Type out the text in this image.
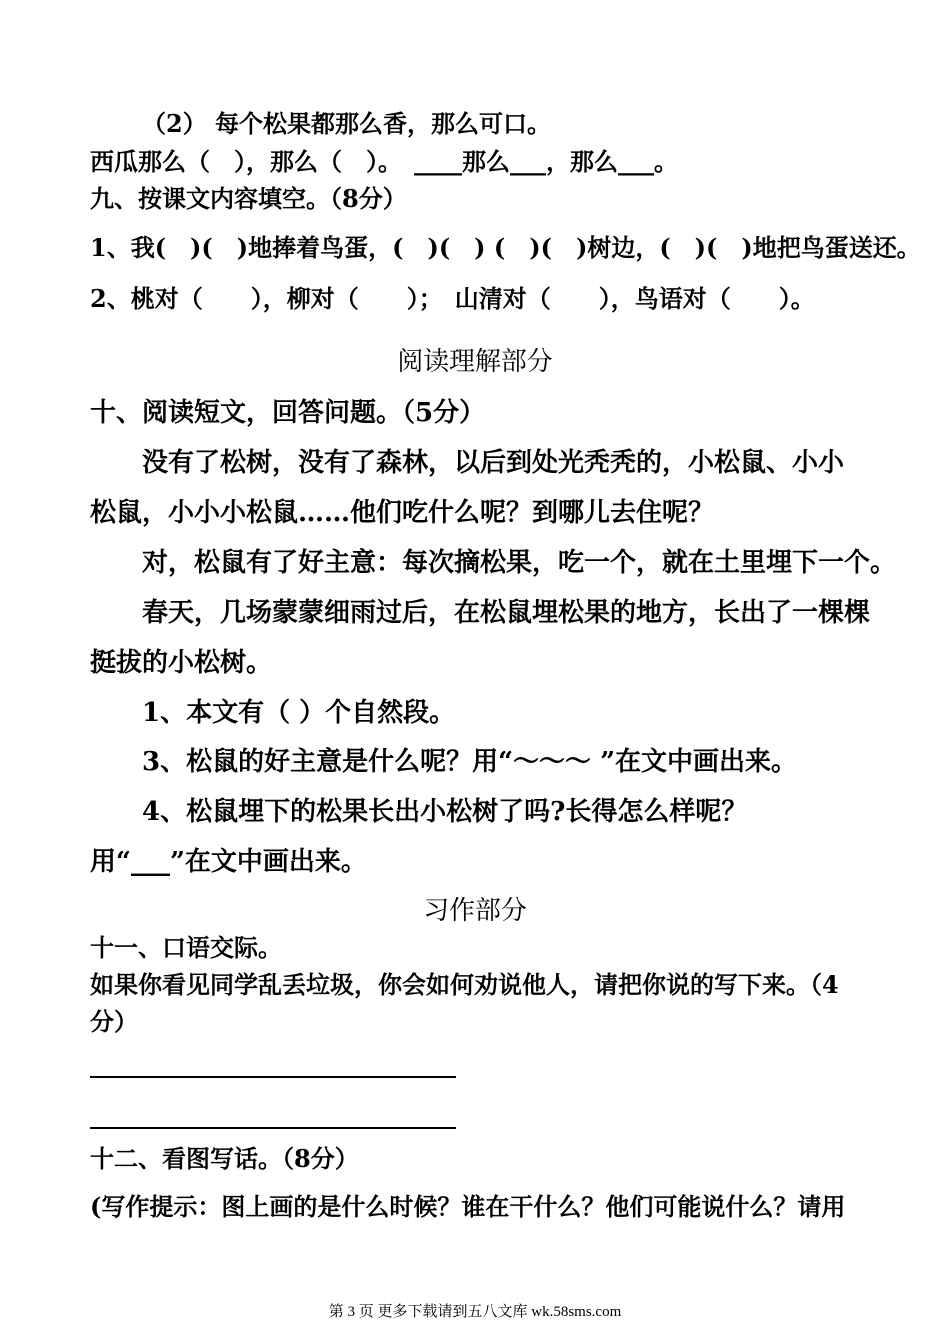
（2） 每个松果都那么香，那么可口。
西瓜那么（　），那么（　）。　____那么___，那么___。
九、按课文内容填空。（8分）
1、我(　)(　)地捧着鸟蛋，(　)(　) (　)(　)树边，(　)(　)地把鸟蛋送还。
2、桃对（　　），柳对（　　）；　山清对（　　），鸟语对（　　）。
阅读理解部分
十、阅读短文，回答问题。（5分）
没有了松树，没有了森林，以后到处光秃秃的，小松鼠、小小
松鼠，小小小松鼠……他们吃什么呢？到哪儿去住呢？
对，松鼠有了好主意：每次摘松果，吃一个，就在土里埋下一个。
春天，几场蒙蒙细雨过后，在松鼠埋松果的地方，长出了一棵棵
挺拔的小松树。
1、本文有（ ）个自然段。
3、松鼠的好主意是什么呢？用“～～～ ”在文中画出来。
4、松鼠埋下的松果长出小松树了吗?长得怎么样呢？
用“___”在文中画出来。
习作部分
十一、口语交际。
如果你看见同学乱丢垃圾，你会如何劝说他人，请把你说的写下来。（4
分）
十二、看图写话。（8分）
(写作提示：图上画的是什么时候？谁在干什么？他们可能说什么？请用
第 3 页 更多下载请到五八文库 wk.58sms.com
